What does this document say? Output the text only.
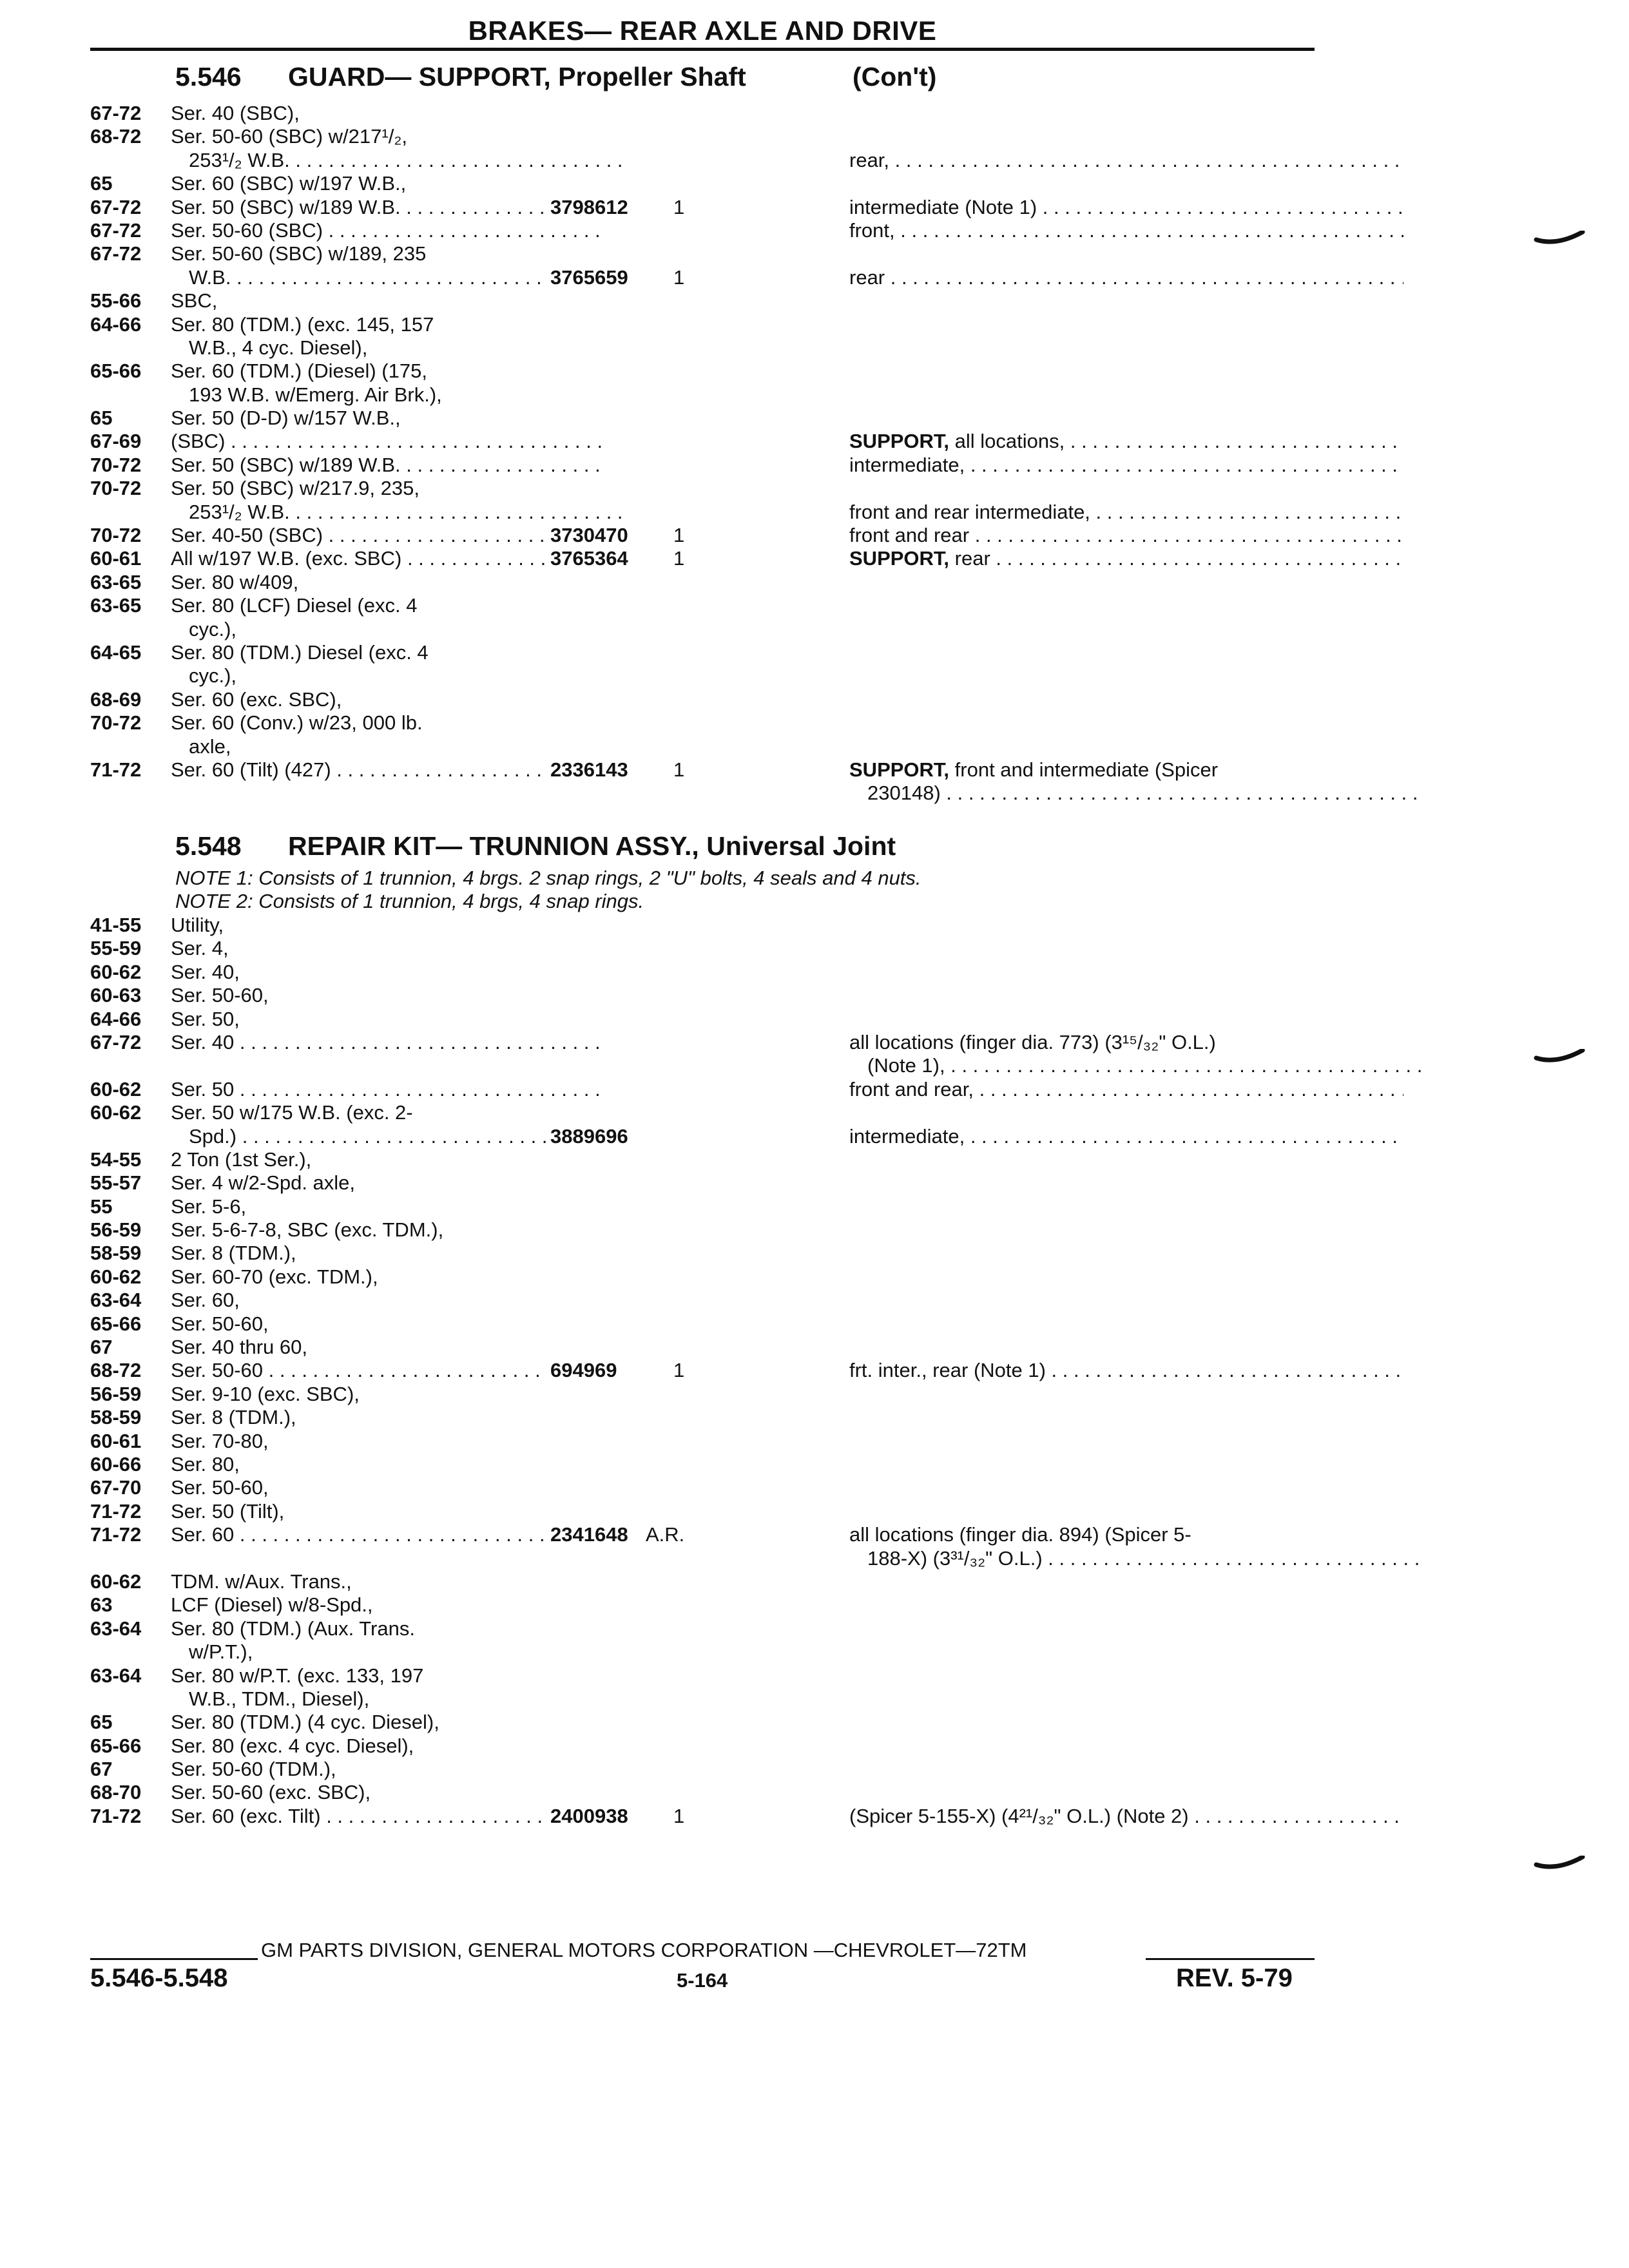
BRAKES— REAR AXLE AND DRIVE
5.546 GUARD— SUPPORT, Propeller Shaft	(Con't)
67-72	Ser. 40 (SBC),
68-72	Ser. 50-60 (SBC) w/217¹/₂,
253¹/₂ W.B. . . .	rear, . . .
65	Ser. 60 (SBC) w/197 W.B.,
67-72	Ser. 50 (SBC) w/189 W.B. . . .	3798612 1	intermediate (Note 1) . . .
67-72	Ser. 50-60 (SBC) . . .	front, . . .
67-72	Ser. 50-60 (SBC) w/189, 235
W.B. . . .	3765659 1	rear . . .
55-66	SBC,
64-66	Ser. 80 (TDM.) (exc. 145, 157
W.B., 4 cyc. Diesel),
65-66	Ser. 60 (TDM.) (Diesel) (175,
193 W.B. w/Emerg. Air Brk.),
65	Ser. 50 (D-D) w/157 W.B.,
67-69	(SBC) . . .	SUPPORT, all locations, . . .
70-72	Ser. 50 (SBC) w/189 W.B. . . .	intermediate, . . .
70-72	Ser. 50 (SBC) w/217.9, 235,
253¹/₂ W.B. . . .	front and rear intermediate, . . .
70-72	Ser. 40-50 (SBC) . . .	3730470 1	front and rear . . .
60-61	All w/197 W.B. (exc. SBC) . . .	3765364 1	SUPPORT, rear . . .
63-65	Ser. 80 w/409,
63-65	Ser. 80 (LCF) Diesel (exc. 4
cyc.),
64-65	Ser. 80 (TDM.) Diesel (exc. 4
cyc.),
68-69	Ser. 60 (exc. SBC),
70-72	Ser. 60 (Conv.) w/23, 000 lb.
axle,
71-72	Ser. 60 (Tilt) (427) . . .	2336143 1	SUPPORT, front and intermediate (Spicer
230148) . . .
5.548 REPAIR KIT— TRUNNION ASSY., Universal Joint
NOTE 1: Consists of 1 trunnion, 4 brgs. 2 snap rings, 2 "U" bolts, 4 seals and 4 nuts.
NOTE 2: Consists of 1 trunnion, 4 brgs, 4 snap rings.
41-55	Utility,
55-59	Ser. 4,
60-62	Ser. 40,
60-63	Ser. 50-60,
64-66	Ser. 50,
67-72	Ser. 40 . . .	all locations (finger dia. 773) (3¹⁵/₃₂" O.L.)
(Note 1), . . .
60-62	Ser. 50 . . .	front and rear, . . .
60-62	Ser. 50 w/175 W.B. (exc. 2-
Spd.) . . .	3889696	intermediate, . . .
54-55	2 Ton (1st Ser.),
55-57	Ser. 4 w/2-Spd. axle,
55	Ser. 5-6,
56-59	Ser. 5-6-7-8, SBC (exc. TDM.),
58-59	Ser. 8 (TDM.),
60-62	Ser. 60-70 (exc. TDM.),
63-64	Ser. 60,
65-66	Ser. 50-60,
67	Ser. 40 thru 60,
68-72	Ser. 50-60 . . .	694969	1	frt. inter., rear (Note 1) . . .
56-59	Ser. 9-10 (exc. SBC),
58-59	Ser. 8 (TDM.),
60-61	Ser. 70-80,
60-66	Ser. 80,
67-70	Ser. 50-60,
71-72	Ser. 50 (Tilt),
71-72	Ser. 60 . . .	2341648 A.R.	all locations (finger dia. 894) (Spicer 5-
188-X) (3³¹/₃₂" O.L.) . . .
60-62	TDM. w/Aux. Trans.,
63	LCF (Diesel) w/8-Spd.,
63-64	Ser. 80 (TDM.) (Aux. Trans.
w/P.T.),
63-64	Ser. 80 w/P.T. (exc. 133, 197
W.B., TDM., Diesel),
65	Ser. 80 (TDM.) (4 cyc. Diesel),
65-66	Ser. 80 (exc. 4 cyc. Diesel),
67	Ser. 50-60 (TDM.),
68-70	Ser. 50-60 (exc. SBC),
71-72	Ser. 60 (exc. Tilt) . . .	2400938 1	(Spicer 5-155-X) (4²¹/₃₂" O.L.) (Note 2) . . .
GM PARTS DIVISION, GENERAL MOTORS CORPORATION —CHEVROLET—72TM
5.546-5.548	5-164	REV. 5-79
